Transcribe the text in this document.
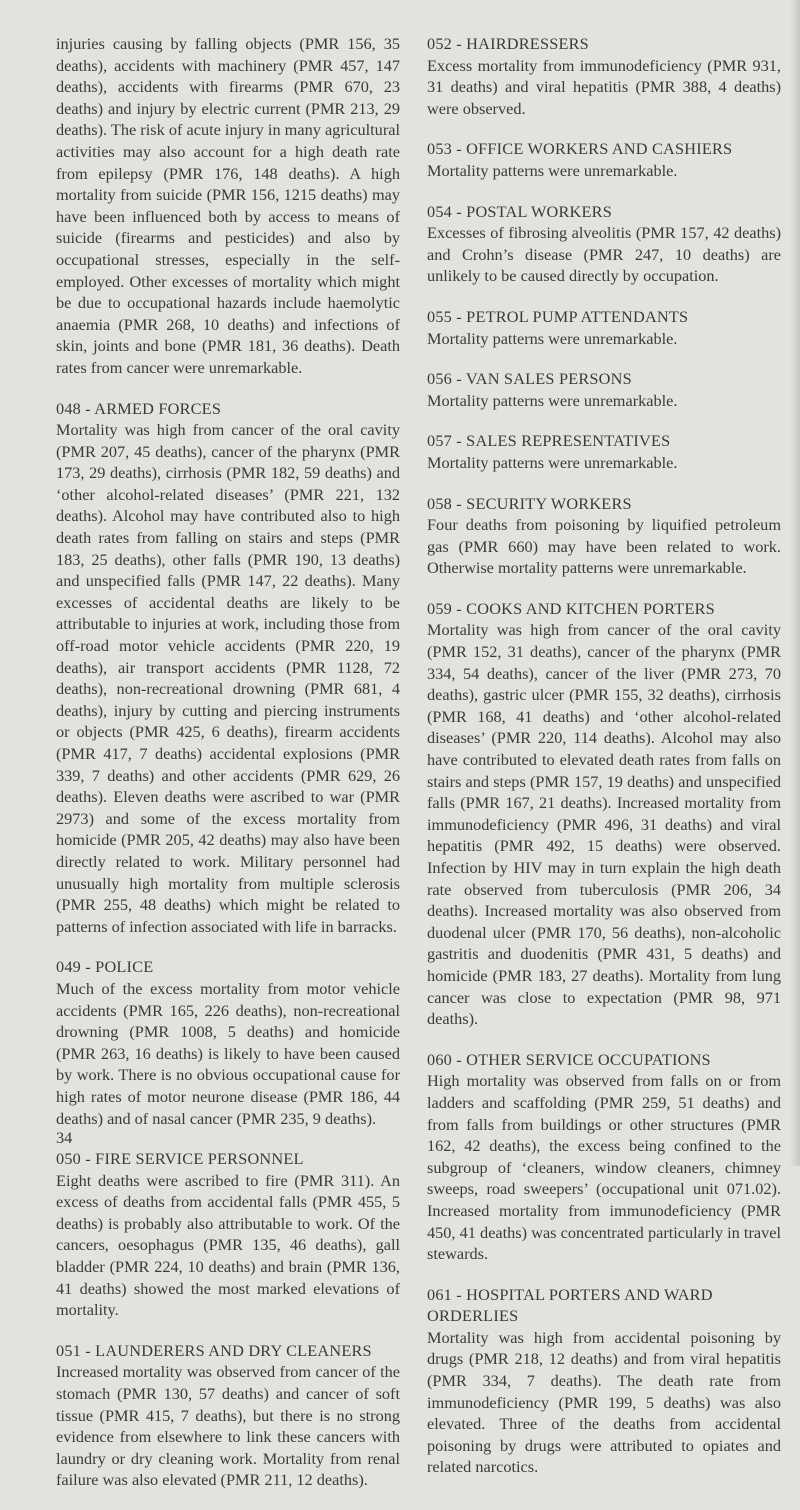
injuries causing by falling objects (PMR 156, 35 deaths), accidents with machinery (PMR 457, 147 deaths), accidents with firearms (PMR 670, 23 deaths) and injury by electric current (PMR 213, 29 deaths). The risk of acute injury in many agricultural activities may also account for a high death rate from epilepsy (PMR 176, 148 deaths). A high mortality from suicide (PMR 156, 1215 deaths) may have been influenced both by access to means of suicide (firearms and pesticides) and also by occupational stresses, especially in the self-employed. Other excesses of mortality which might be due to occupational hazards include haemolytic anaemia (PMR 268, 10 deaths) and infections of skin, joints and bone (PMR 181, 36 deaths). Death rates from cancer were unremarkable.

048 - ARMED FORCES

Mortality was high from cancer of the oral cavity (PMR 207, 45 deaths), cancer of the pharynx (PMR 173, 29 deaths), cirrhosis (PMR 182, 59 deaths) and ‘other alcohol-related diseases’ (PMR 221, 132 deaths). Alcohol may have contributed also to high death rates from falling on stairs and steps (PMR 183, 25 deaths), other falls (PMR 190, 13 deaths) and unspecified falls (PMR 147, 22 deaths). Many excesses of accidental deaths are likely to be attributable to injuries at work, including those from off-road motor vehicle accidents (PMR 220, 19 deaths), air transport accidents (PMR 1128, 72 deaths), non-recreational drowning (PMR 681, 4 deaths), injury by cutting and piercing instruments or objects (PMR 425, 6 deaths), firearm accidents (PMR 417, 7 deaths) accidental explosions (PMR 339, 7 deaths) and other accidents (PMR 629, 26 deaths). Eleven deaths were ascribed to war (PMR 2973) and some of the excess mortality from homicide (PMR 205, 42 deaths) may also have been directly related to work. Military personnel had unusually high mortality from multiple sclerosis (PMR 255, 48 deaths) which might be related to patterns of infection associated with life in barracks.

049 - POLICE

Much of the excess mortality from motor vehicle accidents (PMR 165, 226 deaths), non-recreational drowning (PMR 1008, 5 deaths) and homicide (PMR 263, 16 deaths) is likely to have been caused by work. There is no obvious occupational cause for high rates of motor neurone disease (PMR 186, 44 deaths) and of nasal cancer (PMR 235, 9 deaths).

050 - FIRE SERVICE PERSONNEL

Eight deaths were ascribed to fire (PMR 311). An excess of deaths from accidental falls (PMR 455, 5 deaths) is probably also attributable to work. Of the cancers, oesophagus (PMR 135, 46 deaths), gall bladder (PMR 224, 10 deaths) and brain (PMR 136, 41 deaths) showed the most marked elevations of mortality.

051 - LAUNDERERS AND DRY CLEANERS

Increased mortality was observed from cancer of the stomach (PMR 130, 57 deaths) and cancer of soft tissue (PMR 415, 7 deaths), but there is no strong evidence from elsewhere to link these cancers with laundry or dry cleaning work. Mortality from renal failure was also elevated (PMR 211, 12 deaths).

052 - HAIRDRESSERS

Excess mortality from immunodeficiency (PMR 931, 31 deaths) and viral hepatitis (PMR 388, 4 deaths) were observed.

053 - OFFICE WORKERS AND CASHIERS

Mortality patterns were unremarkable.

054 - POSTAL WORKERS

Excesses of fibrosing alveolitis (PMR 157, 42 deaths) and Crohn’s disease (PMR 247, 10 deaths) are unlikely to be caused directly by occupation.

055 - PETROL PUMP ATTENDANTS

Mortality patterns were unremarkable.

056 - VAN SALES PERSONS

Mortality patterns were unremarkable.

057 - SALES REPRESENTATIVES

Mortality patterns were unremarkable.

058 - SECURITY WORKERS

Four deaths from poisoning by liquified petroleum gas (PMR 660) may have been related to work. Otherwise mortality patterns were unremarkable.

059 - COOKS AND KITCHEN PORTERS

Mortality was high from cancer of the oral cavity (PMR 152, 31 deaths), cancer of the pharynx (PMR 334, 54 deaths), cancer of the liver (PMR 273, 70 deaths), gastric ulcer (PMR 155, 32 deaths), cirrhosis (PMR 168, 41 deaths) and ‘other alcohol-related diseases’ (PMR 220, 114 deaths). Alcohol may also have contributed to elevated death rates from falls on stairs and steps (PMR 157, 19 deaths) and unspecified falls (PMR 167, 21 deaths). Increased mortality from immunodeficiency (PMR 496, 31 deaths) and viral hepatitis (PMR 492, 15 deaths) were observed. Infection by HIV may in turn explain the high death rate observed from tuberculosis (PMR 206, 34 deaths). Increased mortality was also observed from duodenal ulcer (PMR 170, 56 deaths), non-alcoholic gastritis and duodenitis (PMR 431, 5 deaths) and homicide (PMR 183, 27 deaths). Mortality from lung cancer was close to expectation (PMR 98, 971 deaths).

060 - OTHER SERVICE OCCUPATIONS

High mortality was observed from falls on or from ladders and scaffolding (PMR 259, 51 deaths) and from falls from buildings or other structures (PMR 162, 42 deaths), the excess being confined to the subgroup of ‘cleaners, window cleaners, chimney sweeps, road sweepers’ (occupational unit 071.02). Increased mortality from immunodeficiency (PMR 450, 41 deaths) was concentrated particularly in travel stewards.

061 - HOSPITAL PORTERS AND WARD ORDERLIES

Mortality was high from accidental poisoning by drugs (PMR 218, 12 deaths) and from viral hepatitis (PMR 334, 7 deaths). The death rate from immunodeficiency (PMR 199, 5 deaths) was also elevated. Three of the deaths from accidental poisoning by drugs were attributed to opiates and related narcotics.

34
